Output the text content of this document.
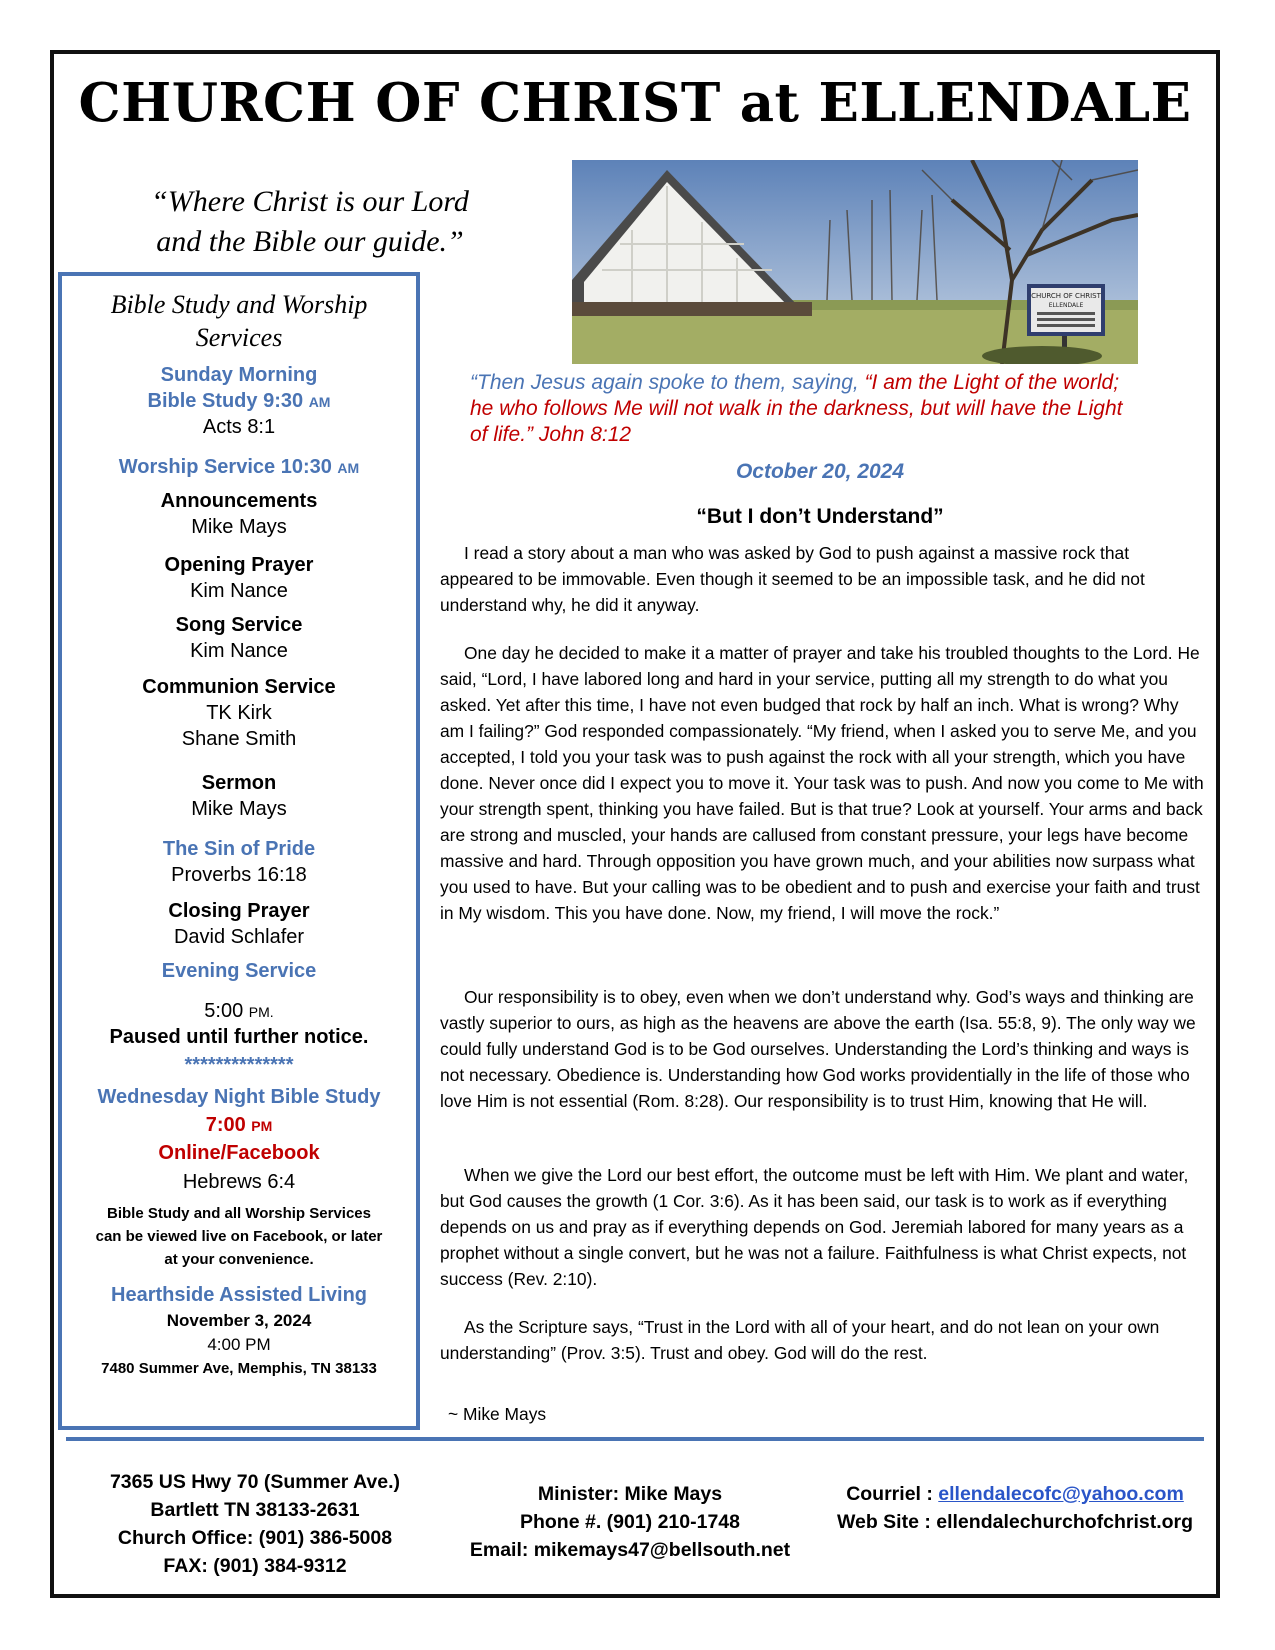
CHURCH OF CHRIST at ELLENDALE
“Where Christ is our Lord
and the Bible our guide.”
Bible Study and Worship
Services
Sunday Morning
Bible Study 9:30 AM
Acts 8:1
Worship Service 10:30 AM
Announcements
Mike Mays
Opening Prayer
Kim Nance
Song Service
Kim Nance
Communion Service
TK Kirk
Shane Smith
Sermon
Mike Mays
The Sin of Pride
Proverbs 16:18
Closing Prayer
David Schlafer
Evening Service
5:00 PM.
Paused until further notice.
**************
Wednesday Night Bible Study
7:00 PM
Online/Facebook
Hebrews 6:4
Bible Study and all Worship Services
can be viewed live on Facebook, or later
at your convenience.
Hearthside Assisted Living
November 3, 2024
4:00 PM
7480 Summer Ave, Memphis, TN 38133
CHURCH OF CHRIST
ELLENDALE
“Then Jesus again spoke to them, saying, “I am the Light of the world;
he who follows Me will not walk in the darkness, but will have the Light
of life.” John 8:12
October 20, 2024
“But I don’t Understand”
I read a story about a man who was asked by God to push against a massive rock that appeared to be immovable. Even though it seemed to be an impossible task, and he did not understand why, he did it anyway.
One day he decided to make it a matter of prayer and take his troubled thoughts to the Lord. He said, “Lord, I have labored long and hard in your service, putting all my strength to do what you asked. Yet after this time, I have not even budged that rock by half an inch. What is wrong? Why am I failing?” God responded compassionately. “My friend, when I asked you to serve Me, and you accepted, I told you your task was to push against the rock with all your strength, which you have done. Never once did I expect you to move it. Your task was to push. And now you come to Me with your strength spent, thinking you have failed. But is that true? Look at yourself. Your arms and back are strong and muscled, your hands are callused from constant pressure, your legs have become massive and hard. Through opposition you have grown much, and your abilities now surpass what you used to have. But your calling was to be obedient and to push and exercise your faith and trust in My wisdom. This you have done. Now, my friend, I will move the rock.”
Our responsibility is to obey, even when we don’t understand why. God’s ways and thinking are vastly superior to ours, as high as the heavens are above the earth (Isa. 55:8, 9). The only way we could fully understand God is to be God ourselves. Understanding the Lord’s thinking and ways is not necessary. Obedience is. Understanding how God works providentially in the life of those who love Him is not essential (Rom. 8:28). Our responsibility is to trust Him, knowing that He will.
When we give the Lord our best effort, the outcome must be left with Him. We plant and water, but God causes the growth (1 Cor. 3:6). As it has been said, our task is to work as if everything depends on us and pray as if everything depends on God. Jeremiah labored for many years as a prophet without a single convert, but he was not a failure. Faithfulness is what Christ expects, not success (Rev. 2:10).
As the Scripture says, “Trust in the Lord with all of your heart, and do not lean on your own understanding” (Prov. 3:5). Trust and obey. God will do the rest.
~ Mike Mays
7365 US Hwy 70 (Summer Ave.)
Bartlett TN 38133-2631
Church Office: (901) 386-5008
FAX: (901) 384-9312
Minister: Mike Mays
Phone #. (901) 210-1748
Email: mikemays47@bellsouth.net
Courriel : ellendalecofc@yahoo.com
Web Site : ellendalechurchofchrist.org
